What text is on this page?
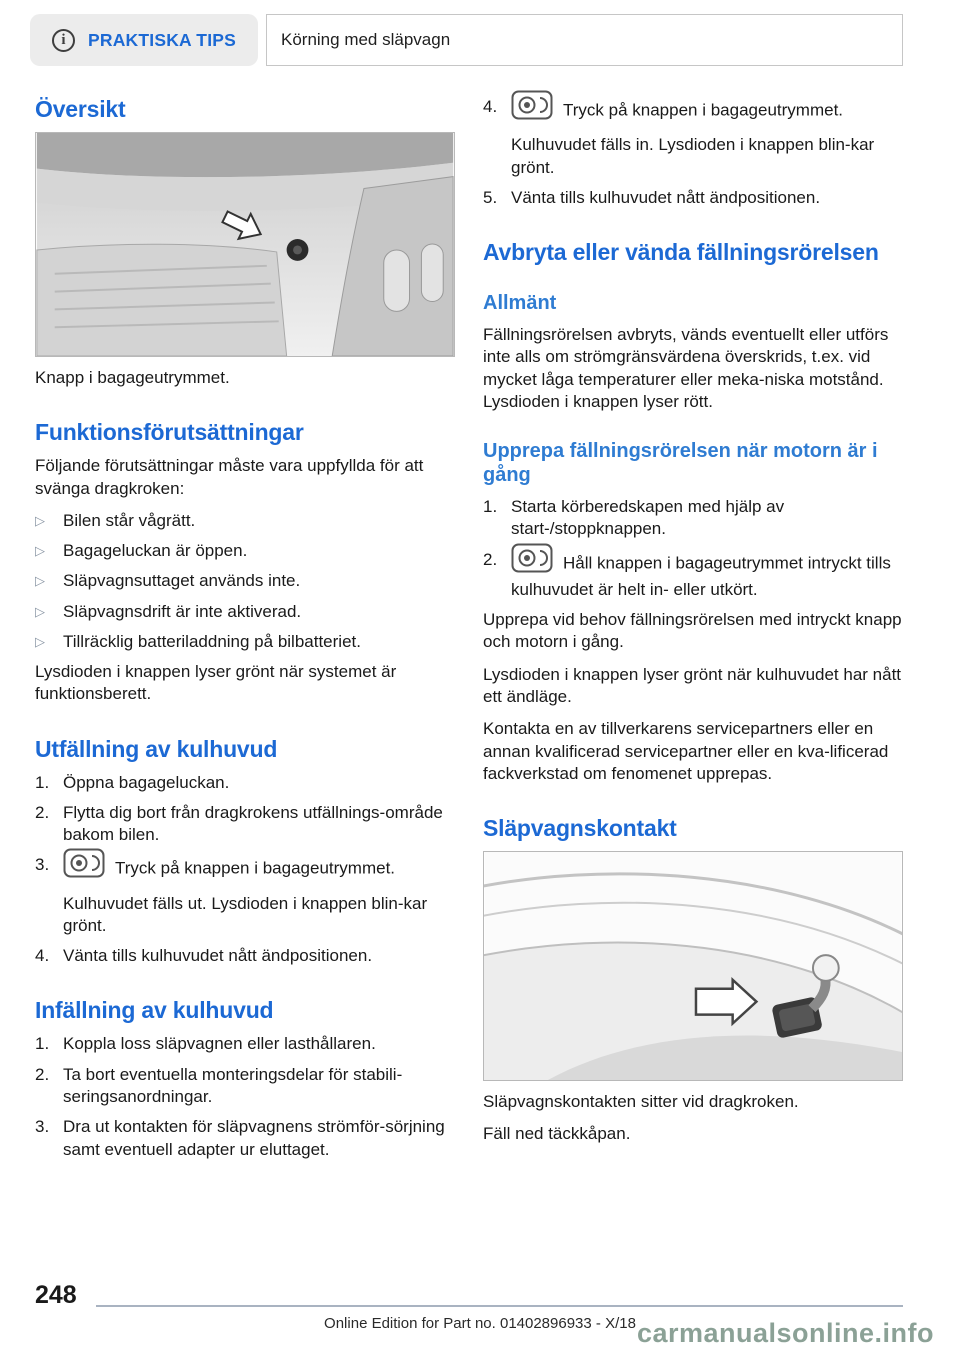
i	PRAKTISKA TIPS	Körning med släpvagn
Översikt

Knapp i bagageutrymmet.

Funktionsförutsättningar

Följande förutsättningar måste vara uppfyllda för att svänga dragkroken:

▷	Bilen står vågrätt.
▷	Bagageluckan är öppen.
▷	Släpvagnsuttaget används inte.
▷	Släpvagnsdrift är inte aktiverad.
▷	Tillräcklig batteriladdning på bilbatteriet.

Lysdioden i knappen lyser grönt när systemet är funktionsberett.

Utfällning av kulhuvud
1. Öppna bagageluckan.
2. Flytta dig bort från dragkrokens utfällnings-område bakom bilen.
3.	Tryck på knappen i bagageutrymmet.
Kulhuvudet fälls ut. Lysdioden i knappen blin-kar grönt.
4. Vänta tills kulhuvudet nått ändpositionen.
Infällning av kulhuvud
1. Koppla loss släpvagnen eller lasthållaren.
2. Ta bort eventuella monteringsdelar för stabili-seringsanordningar.
3. Dra ut kontakten för släpvagnens strömför-sörjning samt eventuell adapter ur eluttaget.
4.	Tryck på knappen i bagageutrymmet.
Kulhuvudet fälls in. Lysdioden i knappen blin-kar grönt.
5. Vänta tills kulhuvudet nått ändpositionen.
Avbryta eller vända fällningsrörelsen
Allmänt

Fällningsrörelsen avbryts, vänds eventuellt eller utförs inte alls om strömgränsvärdena överskrids, t.ex. vid mycket låga temperaturer eller meka-niska motstånd. Lysdioden i knappen lyser rött.

Upprepa fällningsrörelsen när motorn är i gång
1. Starta körberedskapen med hjälp av start-/stoppknappen.
2.	Håll knappen i bagageutrymmet intryckt tills kulhuvudet är helt in- eller utkört.

Upprepa vid behov fällningsrörelsen med intryckt knapp och motorn i gång.

Lysdioden i knappen lyser grönt när kulhuvudet har nått ett ändläge.

Kontakta en av tillverkarens servicepartners eller en annan kvalificerad servicepartner eller en kva-lificerad fackverkstad om fenomenet upprepas.

Släpvagnskontakt

Släpvagnskontakten sitter vid dragkroken.

Fäll ned täckkåpan.

248
Online Edition for Part no. 01402896933 - X/18 carmanualsonline.info
